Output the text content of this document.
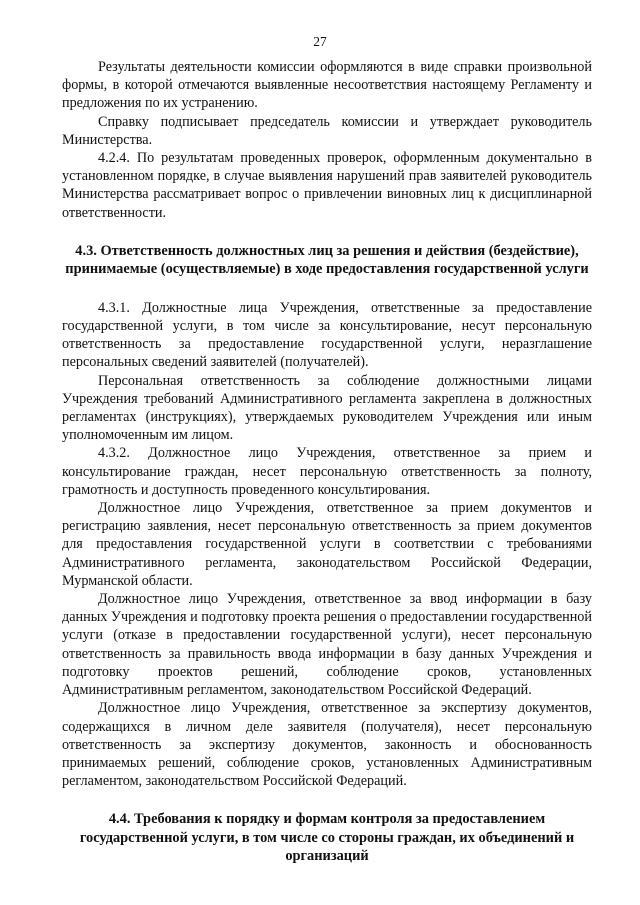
27

Результаты деятельности комиссии оформляются в виде справки произвольной формы, в которой отмечаются выявленные несоответствия настоящему Регламенту и предложения по их устранению.

Справку подписывает председатель комиссии и утверждает руководитель Министерства.

4.2.4. По результатам проведенных проверок, оформленным документально в установленном порядке, в случае выявления нарушений прав заявителей руководитель Министерства рассматривает вопрос о привлечении виновных лиц к дисциплинарной ответственности.

4.3. Ответственность должностных лиц за решения и действия (бездействие), принимаемые (осуществляемые) в ходе предоставления государственной услуги

4.3.1. Должностные лица Учреждения, ответственные за предоставление государственной услуги, в том числе за консультирование, несут персональную ответственность за предоставление государственной услуги, неразглашение персональных сведений заявителей (получателей).

Персональная ответственность за соблюдение должностными лицами Учреждения требований Административного регламента закреплена в должностных регламентах (инструкциях), утверждаемых руководителем Учреждения или иным уполномоченным им лицом.

4.3.2. Должностное лицо Учреждения, ответственное за прием и консультирование граждан, несет персональную ответственность за полноту, грамотность и доступность проведенного консультирования.

Должностное лицо Учреждения, ответственное за прием документов и регистрацию заявления, несет персональную ответственность за прием документов для предоставления государственной услуги в соответствии с требованиями Административного регламента, законодательством Российской Федерации, Мурманской области.

Должностное лицо Учреждения, ответственное за ввод информации в базу данных Учреждения и подготовку проекта решения о предоставлении государственной услуги (отказе в предоставлении государственной услуги), несет персональную ответственность за правильность ввода информации в базу данных Учреждения и подготовку проектов решений, соблюдение сроков, установленных Административным регламентом, законодательством Российской Федераций.

Должностное лицо Учреждения, ответственное за экспертизу документов, содержащихся в личном деле заявителя (получателя), несет персональную ответственность за экспертизу документов, законность и обоснованность принимаемых решений, соблюдение сроков, установленных Административным регламентом, законодательством Российской Федераций.

4.4. Требования к порядку и формам контроля за предоставлением государственной услуги, в том числе со стороны граждан, их объединений и организаций
